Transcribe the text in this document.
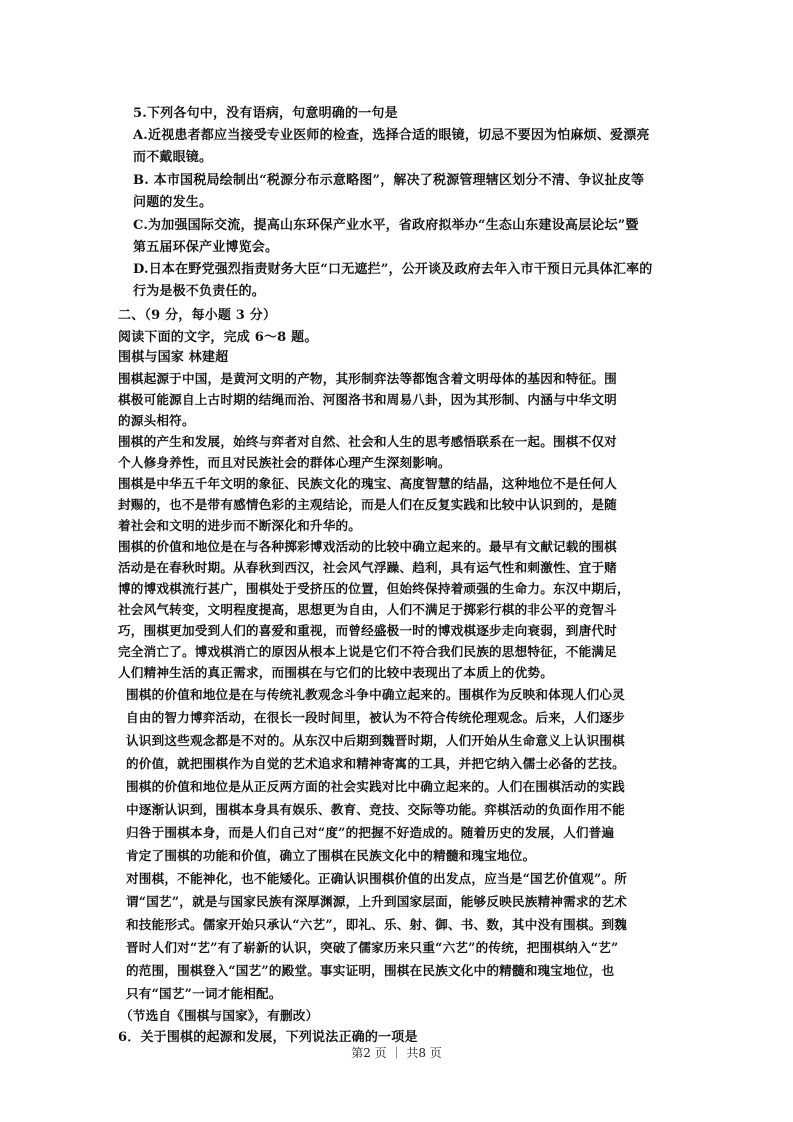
5.下列各句中，没有语病，句意明确的一句是
A.近视患者都应当接受专业医师的检查，选择合适的眼镜，切忌不要因为怕麻烦、爱漂亮
而不戴眼镜。
B. 本市国税局绘制出“税源分布示意略图”，解决了税源管理辖区划分不清、争议扯皮等
问题的发生。
C.为加强国际交流，提高山东环保产业水平，省政府拟举办“生态山东建设高层论坛”暨
第五届环保产业博览会。
D.日本在野党强烈指责财务大臣“口无遮拦”，公开谈及政府去年入市干预日元具体汇率的
行为是极不负责任的。
二、（9 分，每小题 3 分）
阅读下面的文字，完成 6～8 题。
围棋与国家 林建超
围棋起源于中国，是黄河文明的产物，其形制弈法等都饱含着文明母体的基因和特征。围
棋极可能源自上古时期的结绳而治、河图洛书和周易八卦，因为其形制、内涵与中华文明
的源头相符。
围棋的产生和发展，始终与弈者对自然、社会和人生的思考感悟联系在一起。围棋不仅对
个人修身养性，而且对民族社会的群体心理产生深刻影响。
围棋是中华五千年文明的象征、民族文化的瑰宝、高度智慧的结晶，这种地位不是任何人
封赐的，也不是带有感情色彩的主观结论，而是人们在反复实践和比较中认识到的，是随
着社会和文明的进步而不断深化和升华的。
围棋的价值和地位是在与各种掷彩博戏活动的比较中确立起来的。最早有文献记载的围棋
活动是在春秋时期。从春秋到西汉，社会风气浮躁、趋利，具有运气性和刺激性、宜于赌
博的博戏棋流行甚广，围棋处于受挤压的位置，但始终保持着顽强的生命力。东汉中期后，
社会风气转变，文明程度提高，思想更为自由，人们不满足于掷彩行棋的非公平的竞智斗
巧，围棋更加受到人们的喜爱和重视，而曾经盛极一时的博戏棋逐步走向衰弱，到唐代时
完全消亡了。博戏棋消亡的原因从根本上说是它们不符合我们民族的思想特征，不能满足
人们精神生活的真正需求，而围棋在与它们的比较中表现出了本质上的优势。
围棋的价值和地位是在与传统礼教观念斗争中确立起来的。围棋作为反映和体现人们心灵
自由的智力博弈活动，在很长一段时间里，被认为不符合传统伦理观念。后来，人们逐步
认识到这些观念都是不对的。从东汉中后期到魏晋时期，人们开始从生命意义上认识围棋
的价值，就把围棋作为自觉的艺术追求和精神寄寓的工具，并把它纳入儒士必备的艺技。
围棋的价值和地位是从正反两方面的社会实践对比中确立起来的。人们在围棋活动的实践
中逐渐认识到，围棋本身具有娱乐、教育、竞技、交际等功能。弈棋活动的负面作用不能
归咎于围棋本身，而是人们自己对“度”的把握不好造成的。随着历史的发展，人们普遍
肯定了围棋的功能和价值，确立了围棋在民族文化中的精髓和瑰宝地位。
对围棋，不能神化，也不能矮化。正确认识围棋价值的出发点，应当是“国艺价值观”。所
谓“国艺”，就是与国家民族有深厚渊源，上升到国家层面，能够反映民族精神需求的艺术
和技能形式。儒家开始只承认“六艺”，即礼、乐、射、御、书、数，其中没有围棋。到魏
晋时人们对“艺”有了崭新的认识，突破了儒家历来只重“六艺”的传统，把围棋纳入“艺”
的范围，围棋登入“国艺”的殿堂。事实证明，围棋在民族文化中的精髓和瑰宝地位，也
只有“国艺”一词才能相配。
（节选自《围棋与国家》，有删改）
6．关于围棋的起源和发展，下列说法正确的一项是
第2 页 ｜ 共8 页
